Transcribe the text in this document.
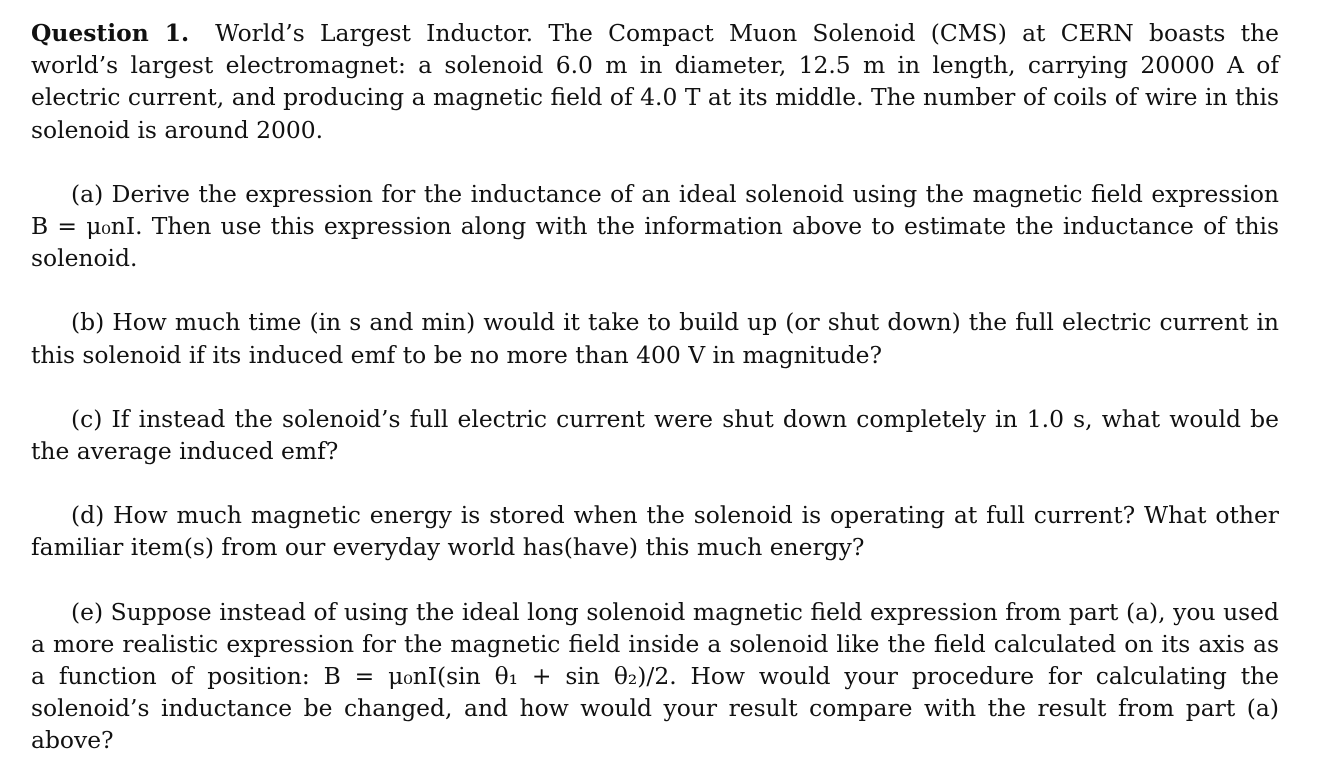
Question 1. World’s Largest Inductor. The Compact Muon Solenoid (CMS) at CERN boasts the world’s largest electromagnet: a solenoid 6.0 m in diameter, 12.5 m in length, carrying 20000 A of electric current, and producing a magnetic field of 4.0 T at its middle. The number of coils of wire in this solenoid is around 2000.

(a) Derive the expression for the inductance of an ideal solenoid using the magnetic field expression B = μ₀nI. Then use this expression along with the information above to estimate the inductance of this solenoid.

(b) How much time (in s and min) would it take to build up (or shut down) the full electric current in this solenoid if its induced emf to be no more than 400 V in magnitude?

(c) If instead the solenoid’s full electric current were shut down completely in 1.0 s, what would be the average induced emf?

(d) How much magnetic energy is stored when the solenoid is operating at full current? What other familiar item(s) from our everyday world has(have) this much energy?

(e) Suppose instead of using the ideal long solenoid magnetic field expression from part (a), you used a more realistic expression for the magnetic field inside a solenoid like the field calculated on its axis as a function of position: B = μ₀nI(sin θ₁ + sin θ₂)/2. How would your procedure for calculating the solenoid’s inductance be changed, and how would your result compare with the result from part (a) above?
